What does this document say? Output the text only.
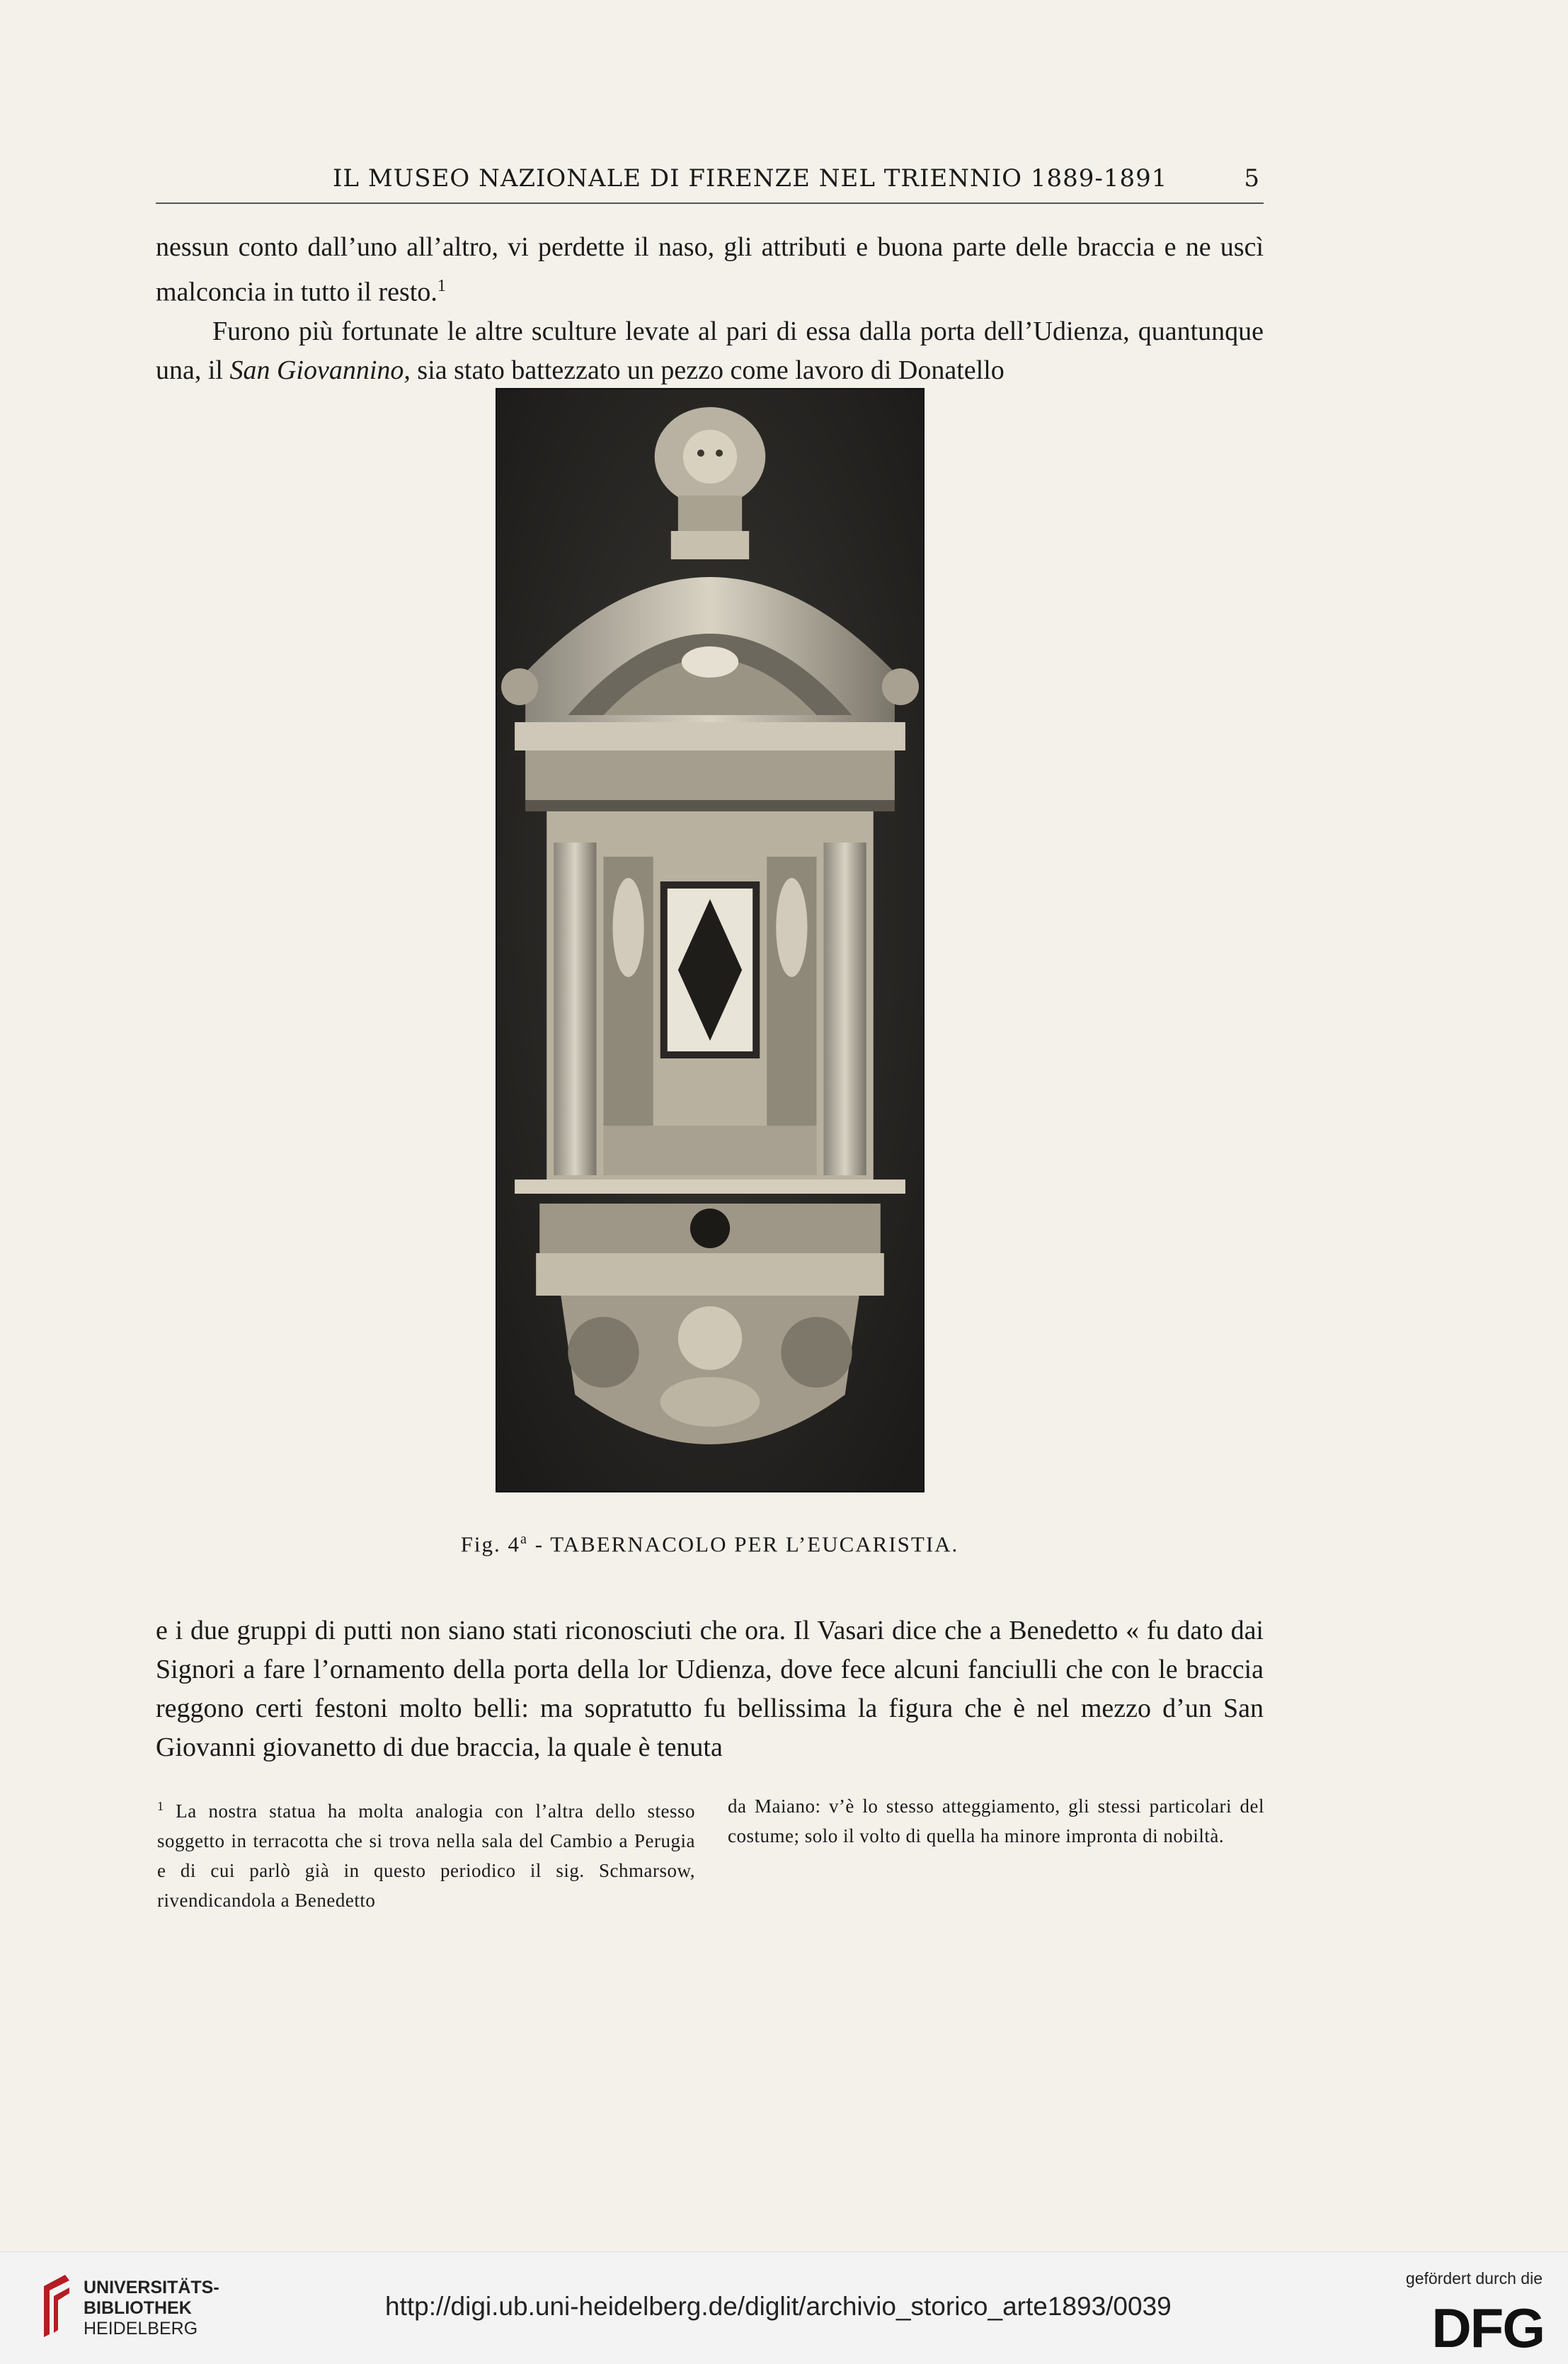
IL MUSEO NAZIONALE DI FIRENZE NEL TRIENNIO 1889-1891	5

nessun conto dall’uno all’altro, vi perdette il naso, gli attributi e buona parte delle braccia e ne uscì malconcia in tutto il resto.$^1$

Furono più fortunate le altre sculture levate al pari di essa dalla porta dell’Udienza, quantunque una, il San Giovannino, sia stato battezzato un pezzo come lavoro di Donatello

Fig. 4$^a$ - TABERNACOLO PER L’EUCARISTIA.

e i due gruppi di putti non siano stati riconosciuti che ora. Il Vasari dice che a Benedetto « fu dato dai Signori a fare l’ornamento della porta della lor Udienza, dove fece alcuni fanciulli che con le braccia reggono certi festoni molto belli: ma sopratutto fu bellissima la figura che è nel mezzo d’un San Giovanni giovanetto di due braccia, la quale è tenuta

$^1$ La nostra statua ha molta analogia con l’altra dello stesso soggetto in terracotta che si trova nella sala del Cambio a Perugia e di cui parlò già in questo periodico il sig. Schmarsow, rivendicandola a Benedetto

da Maiano: v’è lo stesso atteggiamento, gli stessi particolari del costume; solo il volto di quella ha minore impronta di nobiltà.

UNIVERSITÄTS-
BIBLIOTHEK
HEIDELBERG
http://digi.ub.uni-heidelberg.de/diglit/archivio_storico_arte1893/0039
gefördert durch die
DFG
